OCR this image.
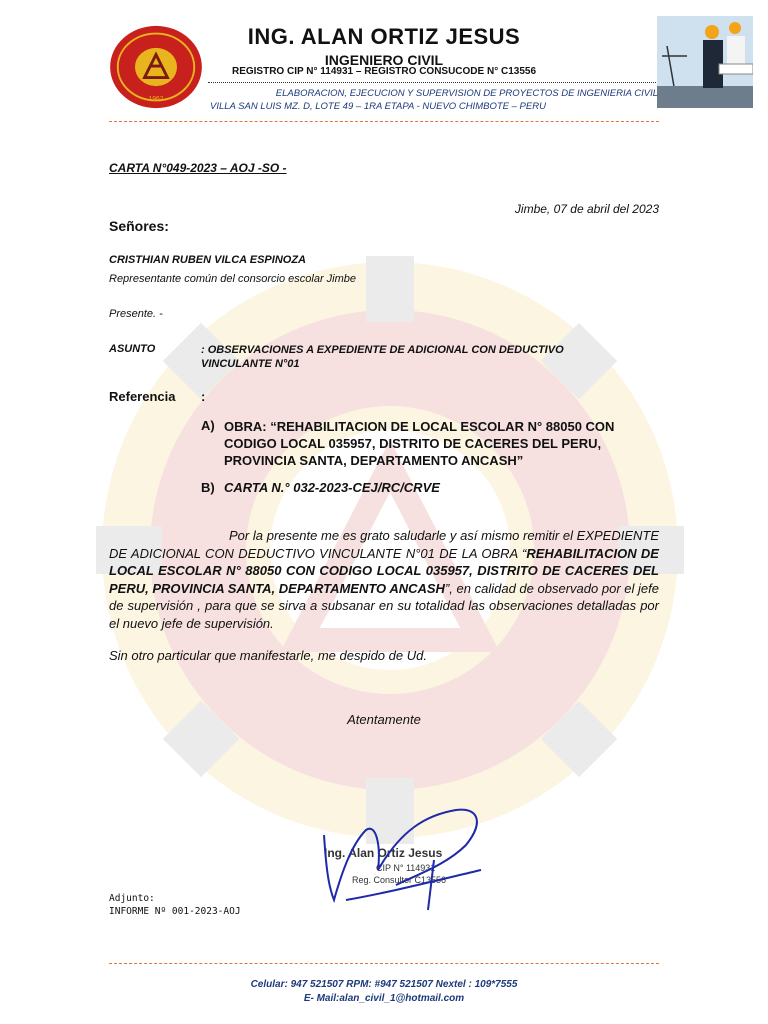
1962
ING. ALAN ORTIZ JESUS
INGENIERO CIVIL
REGISTRO CIP N° 114931 – REGISTRO CONSUCODE N° C13556
ELABORACION, EJECUCION Y SUPERVISION DE PROYECTOS DE INGENIERIA CIVIL
VILLA SAN LUIS MZ. D, LOTE 49 – 1RA ETAPA - NUEVO CHIMBOTE – PERU
CARTA N°049-2023 – AOJ -SO -
Jimbe, 07 de abril del 2023
Señores:
CRISTHIAN RUBEN VILCA ESPINOZA
Representante común del consorcio escolar Jimbe
Presente. -
ASUNTO	: OBSERVACIONES A EXPEDIENTE DE ADICIONAL CON DEDUCTIVO VINCULANTE N°01
Referencia :
A) OBRA: “REHABILITACION DE LOCAL ESCOLAR N° 88050 CON CODIGO LOCAL 035957, DISTRITO DE CACERES DEL PERU, PROVINCIA SANTA, DEPARTAMENTO ANCASH”
B) CARTA N.° 032-2023-CEJ/RC/CRVE
Por la presente me es grato saludarle y así mismo remitir el EXPEDIENTE DE ADICIONAL CON DEDUCTIVO VINCULANTE N°01 DE LA OBRA “REHABILITACION DE LOCAL ESCOLAR N° 88050 CON CODIGO LOCAL 035957, DISTRITO DE CACERES DEL PERU, PROVINCIA SANTA, DEPARTAMENTO ANCASH”, en calidad de observado por el jefe de supervisión , para que se sirva a subsanar en su totalidad las observaciones detalladas por el nuevo jefe de supervisión.
Sin otro particular que manifestarle, me despido de Ud.
Atentamente
Ing. Alan Ortiz Jesus
CIP N° 114931
Reg. Consultor C13556
Adjunto:
INFORME Nº 001-2023-AOJ
Celular: 947 521507 RPM: #947 521507 Nextel : 109*7555
E- Mail:alan_civil_1@hotmail.com
